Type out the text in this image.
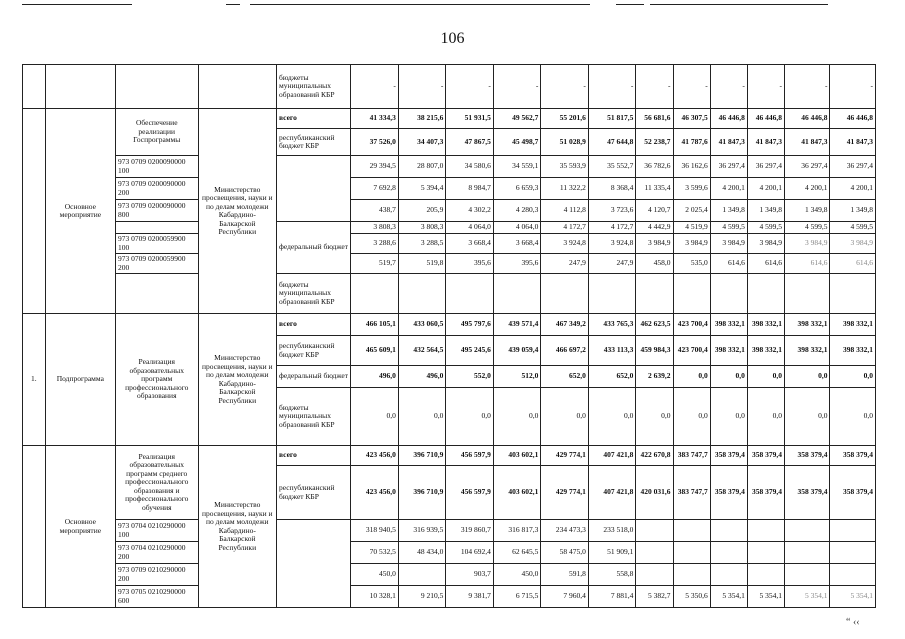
106
				бюджеты муниципальных образований КБР	-	-	-	-	-	-	-	-	-	-	-	-
	Основное мероприятие	Обеспечение реализации Госпрограммы	Министерство просвещения, науки и по делам молодежи Кабардино-Балкарской Республики	всего	41 334,3	38 215,6	51 931,5	49 562,7	55 201,6	51 817,5	56 681,6	46 307,5	46 446,8	46 446,8	46 446,8	46 446,8
				республиканский бюджет КБР	37 526,0	34 407,3	47 867,5	45 498,7	51 028,9	47 644,8	52 238,7	41 787,6	41 847,3	41 847,3	41 847,3	41 847,3
		973 0709 0200090000 100			29 394,5	28 807,0	34 580,6	34 559,1	35 593,9	35 552,7	36 782,6	36 162,6	36 297,4	36 297,4	36 297,4	36 297,4
		973 0709 0200090000 200			7 692,8	5 394,4	8 984,7	6 659,3	11 322,2	8 368,4	11 335,4	3 599,6	4 200,1	4 200,1	4 200,1	4 200,1
		973 0709 0200090000 800			438,7	205,9	4 302,2	4 280,3	4 112,8	3 723,6	4 120,7	2 025,4	1 349,8	1 349,8	1 349,8	1 349,8
				федеральный бюджет	3 808,3	3 808,3	4 064,0	4 064,0	4 172,7	4 172,7	4 442,9	4 519,9	4 599,5	4 599,5	4 599,5	4 599,5
		973 0709 0200059900 100			3 288,6	3 288,5	3 668,4	3 668,4	3 924,8	3 924,8	3 984,9	3 984,9	3 984,9	3 984,9	3 984,9	3 984,9
		973 0709 0200059900 200			519,7	519,8	395,6	395,6	247,9	247,9	458,0	535,0	614,6	614,6	614,6	614,6
				бюджеты муниципальных образований КБР												
1.	Подпрограмма	Реализация образовательных программ профессионального образования	Министерство просвещения, науки и по делам молодежи Кабардино-Балкарской Республики	всего	466 105,1	433 060,5	495 797,6	439 571,4	467 349,2	433 765,3	462 623,5	423 700,4	398 332,1	398 332,1	398 332,1	398 332,1
				республиканский бюджет КБР	465 609,1	432 564,5	495 245,6	439 059,4	466 697,2	433 113,3	459 984,3	423 700,4	398 332,1	398 332,1	398 332,1	398 332,1
				федеральный бюджет	496,0	496,0	552,0	512,0	652,0	652,0	2 639,2	0,0	0,0	0,0	0,0	0,0
				бюджеты муниципальных образований КБР	0,0	0,0	0,0	0,0	0,0	0,0	0,0	0,0	0,0	0,0	0,0	0,0
	Основное мероприятие	Реализация образовательных программ среднего профессионального образования и профессионального обучения	Министерство просвещения, науки и по делам молодежи Кабардино-Балкарской Республики	всего	423 456,0	396 710,9	456 597,9	403 602,1	429 774,1	407 421,8	422 670,8	383 747,7	358 379,4	358 379,4	358 379,4	358 379,4
				республиканский бюджет КБР	423 456,0	396 710,9	456 597,9	403 602,1	429 774,1	407 421,8	420 031,6	383 747,7	358 379,4	358 379,4	358 379,4	358 379,4
		973 0704 0210290000 100			318 940,5	316 939,5	319 860,7	316 817,3	234 473,3	233 518,0						
		973 0704 0210290000 200			70 532,5	48 434,0	104 692,4	62 645,5	58 475,0	51 909,1						
		973 0709 0210290000 200			450,0		903,7	450,0	591,8	558,8						
		973 0705 0210290000 600			10 328,1	9 210,5	9 381,7	6 715,5	7 960,4	7 881,4	5 382,7	5 350,6	5 354,1	5 354,1	5 354,1	5 354,1
“ ‹‹
